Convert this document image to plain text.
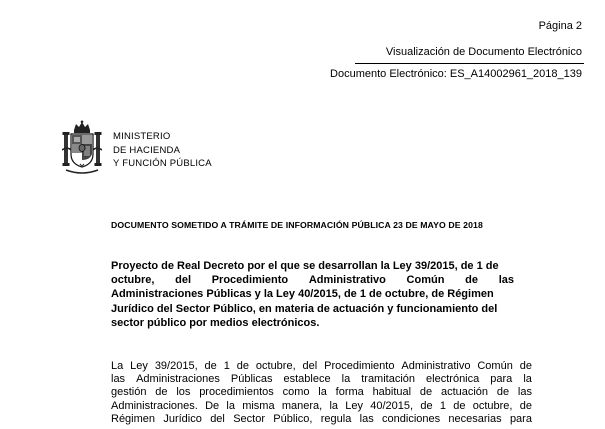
Página 2
Visualización de Documento Electrónico
Documento Electrónico: ES_A14002961_2018_139
MINISTERIO
DE HACIENDA
Y FUNCIÓN PÚBLICA
DOCUMENTO SOMETIDO A TRÁMITE DE INFORMACIÓN PÚBLICA 23 DE MAYO DE 2018
Proyecto de Real Decreto por el que se desarrollan la Ley 39/2015, de 1 de
octubre, del Procedimiento Administrativo Común de las
Administraciones Públicas y la Ley 40/2015, de 1 de octubre, de Régimen
Jurídico del Sector Público, en materia de actuación y funcionamiento del
sector público por medios electrónicos.
La Ley 39/2015, de 1 de octubre, del Procedimiento Administrativo Común de
las Administraciones Públicas establece la tramitación electrónica para la
gestión de los procedimientos como la forma habitual de actuación de las
Administraciones. De la misma manera, la Ley 40/2015, de 1 de octubre, de
Régimen Jurídico del Sector Público, regula las condiciones necesarias para
